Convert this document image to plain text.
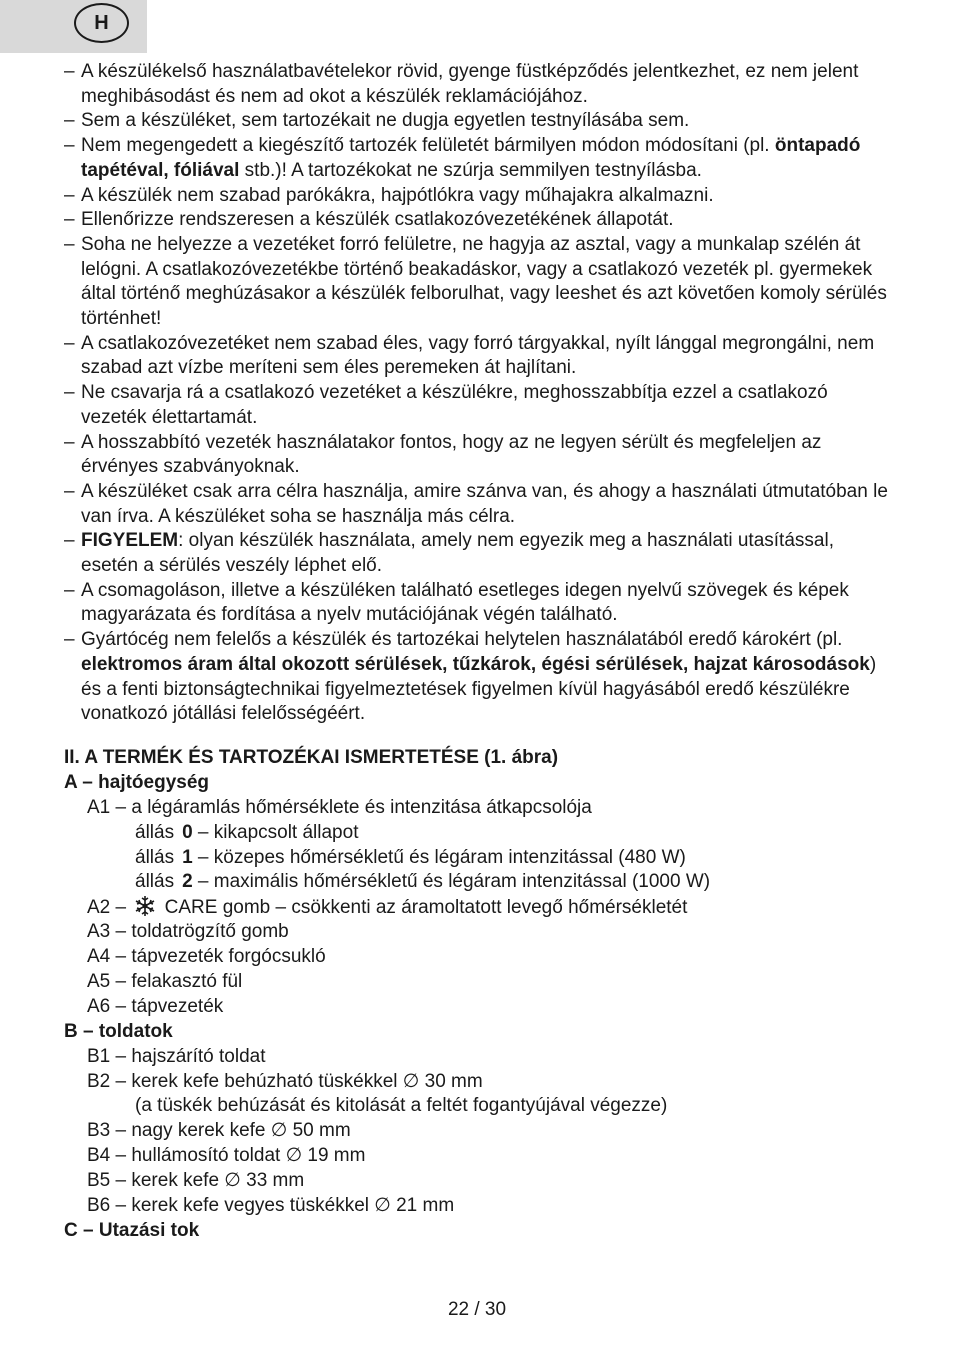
H
– A készülékelső használatbavételekor rövid, gyenge füstképződés jelentkezhet, ez nem jelent meghibásodást és nem ad okot a készülék reklamációjához.
– Sem a készüléket, sem tartozékait ne dugja egyetlen testnyílásába sem.
– Nem megengedett a kiegészítő tartozék felületét bármilyen módon módosítani (pl. öntapadó tapétéval, fóliával stb.)! A tartozékokat ne szúrja semmilyen testnyílásba.
– A készülék nem szabad parókákra, hajpótlókra vagy műhajakra alkalmazni.
– Ellenőrizze rendszeresen a készülék csatlakozóvezetékének állapotát.
– Soha ne helyezze a vezetéket forró felületre, ne hagyja az asztal, vagy a munkalap szélén át lelógni. A csatlakozóvezetékbe történő beakadáskor, vagy a csatlakozó vezeték pl. gyermekek által történő meghúzásakor a készülék felborulhat, vagy leeshet és azt követően komoly sérülés történhet!
– A csatlakozóvezetéket nem szabad éles, vagy forró tárgyakkal, nyílt lánggal megrongálni, nem szabad azt vízbe meríteni sem éles peremeken át hajlítani.
– Ne csavarja rá a csatlakozó vezetéket a készülékre, meghosszabbítja ezzel a csatlakozó vezeték élettartamát.
– A hosszabbító vezeték használatakor fontos, hogy az ne legyen sérült és megfeleljen az érvényes szabványoknak.
– A készüléket csak arra célra használja, amire szánva van, és ahogy a használati útmutatóban le van írva. A készüléket soha se használja más célra.
– FIGYELEM: olyan készülék használata, amely nem egyezik meg a használati utasítással, esetén a sérülés veszély léphet elő.
– A csomagoláson, illetve a készüléken található esetleges idegen nyelvű szövegek és képek magyarázata és fordítása a nyelv mutációjának végén található.
– Gyártócég nem felelős a készülék és tartozékai helytelen használatából eredő károkért (pl. elektromos áram által okozott sérülések, tűzkárok, égési sérülések, hajzat károsodások) és a fenti biztonságtechnikai figyelmeztetések figyelmen kívül hagyásából eredő készülékre vonatkozó jótállási felelősségéért.
II. A TERMÉK ÉS TARTOZÉKAI ISMERTETÉSE (1. ábra)
A – hajtóegység
A1 – a légáramlás hőmérséklete és intenzitása átkapcsolója
állás 0 – kikapcsolt állapot
állás 1 – közepes hőmérsékletű és légáram intenzitással (480 W)
állás 2 – maximális hőmérsékletű és légáram intenzitással (1000 W)
A2 –  CARE gomb – csökkenti az áramoltatott levegő hőmérsékletét
A3 – toldatrögzítő gomb
A4 – tápvezeték forgócsukló
A5 – felakasztó fül
A6 – tápvezeték
B – toldatok
B1 – hajszárító toldat
B2 – kerek kefe behúzható tüskékkel ∅ 30 mm
(a tüskék behúzását és kitolását a feltét fogantyújával végezze)
B3 – nagy kerek kefe ∅ 50 mm
B4 – hullámosító toldat ∅ 19 mm
B5 – kerek kefe ∅ 33 mm
B6 – kerek kefe vegyes tüskékkel ∅ 21 mm
C – Utazási tok
22 / 30
